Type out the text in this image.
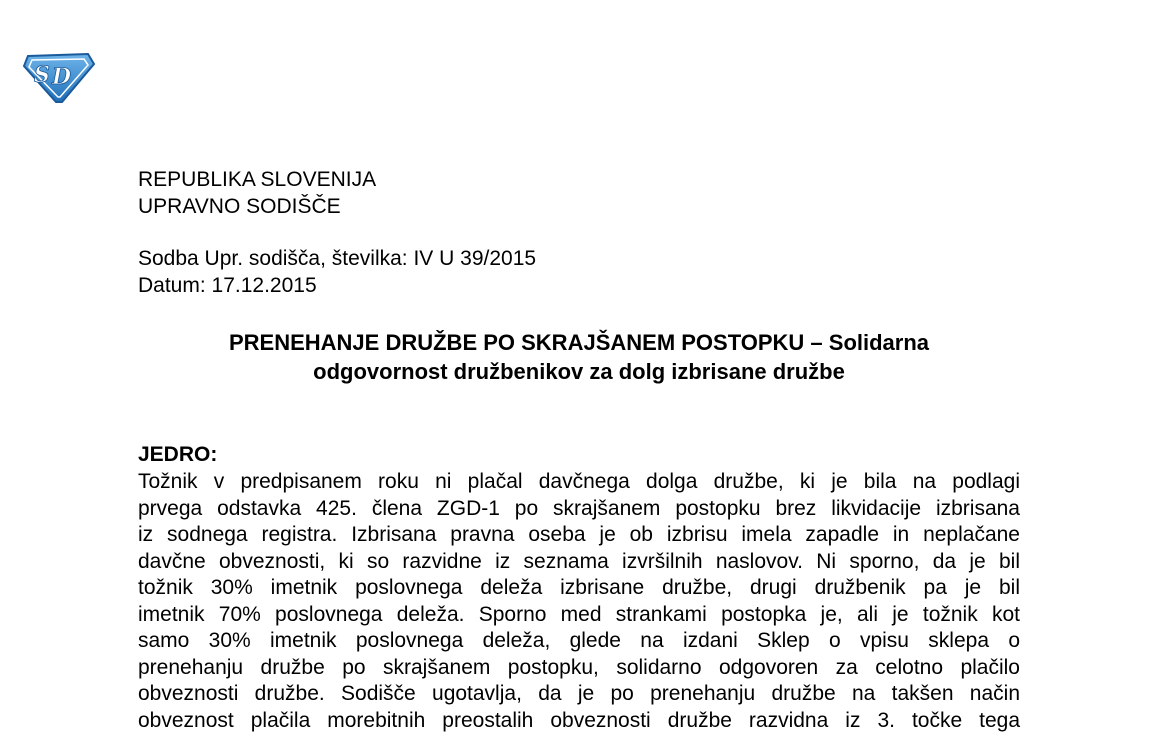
S D
REPUBLIKA SLOVENIJA
UPRAVNO SODIŠČE
Sodba Upr. sodišča, številka: IV U 39/2015
Datum: 17.12.2015
PRENEHANJE DRUŽBE PO SKRAJŠANEM POSTOPKU – Solidarna
odgovornost družbenikov za dolg izbrisane družbe
JEDRO:
Tožnik v predpisanem roku ni plačal davčnega dolga družbe, ki je bila na podlagi
prvega odstavka 425. člena ZGD-1 po skrajšanem postopku brez likvidacije izbrisana
iz sodnega registra. Izbrisana pravna oseba je ob izbrisu imela zapadle in neplačane
davčne obveznosti, ki so razvidne iz seznama izvršilnih naslovov. Ni sporno, da je bil
tožnik 30% imetnik poslovnega deleža izbrisane družbe, drugi družbenik pa je bil
imetnik 70% poslovnega deleža. Sporno med strankami postopka je, ali je tožnik kot
samo 30% imetnik poslovnega deleža, glede na izdani Sklep o vpisu sklepa o
prenehanju družbe po skrajšanem postopku, solidarno odgovoren za celotno plačilo
obveznosti družbe. Sodišče ugotavlja, da je po prenehanju družbe na takšen način
obveznost plačila morebitnih preostalih obveznosti družbe razvidna iz 3. točke tega
